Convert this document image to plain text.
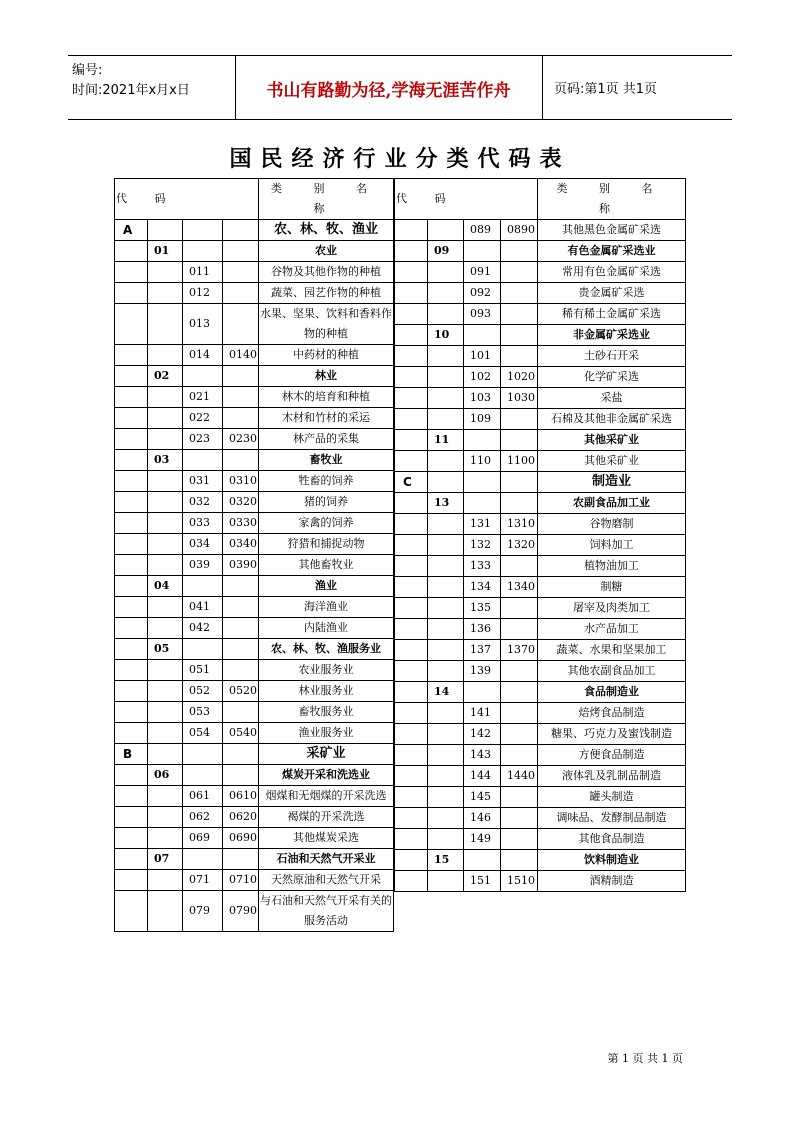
编号:
时间:2021年x月x日	书山有路勤为径,学海无涯苦作舟	页码:第1页 共1页
国民经济行业分类代码表
代 码				类 别 名 称
A				农、林、牧、渔业
	01			农业
		011		谷物及其他作物的种植
		012		蔬菜、园艺作物的种植
		013		水果、坚果、饮料和香料作物的种植
		014	0140	中药材的种植
	02			林业
		021		林木的培育和种植
		022		木材和竹材的采运
		023	0230	林产品的采集
	03			畜牧业
		031	0310	牲畜的饲养
		032	0320	猪的饲养
		033	0330	家禽的饲养
		034	0340	狩猎和捕捉动物
		039	0390	其他畜牧业
	04			渔业
		041		海洋渔业
		042		内陆渔业
	05			农、林、牧、渔服务业
		051		农业服务业
		052	0520	林业服务业
		053		畜牧服务业
		054	0540	渔业服务业
B				采矿业
	06			煤炭开采和洗选业
		061	0610	烟煤和无烟煤的开采洗选
		062	0620	褐煤的开采洗选
		069	0690	其他煤炭采选
	07			石油和天然气开采业
		071	0710	天然原油和天然气开采
		079	0790	与石油和天然气开采有关的服务活动
代 码				类 别 名 称
		089	0890	其他黑色金属矿采选
	09			有色金属矿采选业
		091		常用有色金属矿采选
		092		贵金属矿采选
		093		稀有稀土金属矿采选
	10			非金属矿采选业
		101		土砂石开采
		102	1020	化学矿采选
		103	1030	采盐
		109		石棉及其他非金属矿采选
	11			其他采矿业
		110	1100	其他采矿业
C				制造业
	13			农副食品加工业
		131	1310	谷物磨制
		132	1320	饲料加工
		133		植物油加工
		134	1340	制糖
		135		屠宰及肉类加工
		136		水产品加工
		137	1370	蔬菜、水果和坚果加工
		139		其他农副食品加工
	14			食品制造业
		141		焙烤食品制造
		142		糖果、巧克力及蜜饯制造
		143		方便食品制造
		144	1440	液体乳及乳制品制造
		145		罐头制造
		146		调味品、发酵制品制造
		149		其他食品制造
	15			饮料制造业
		151	1510	酒精制造
第 1 页 共 1 页
